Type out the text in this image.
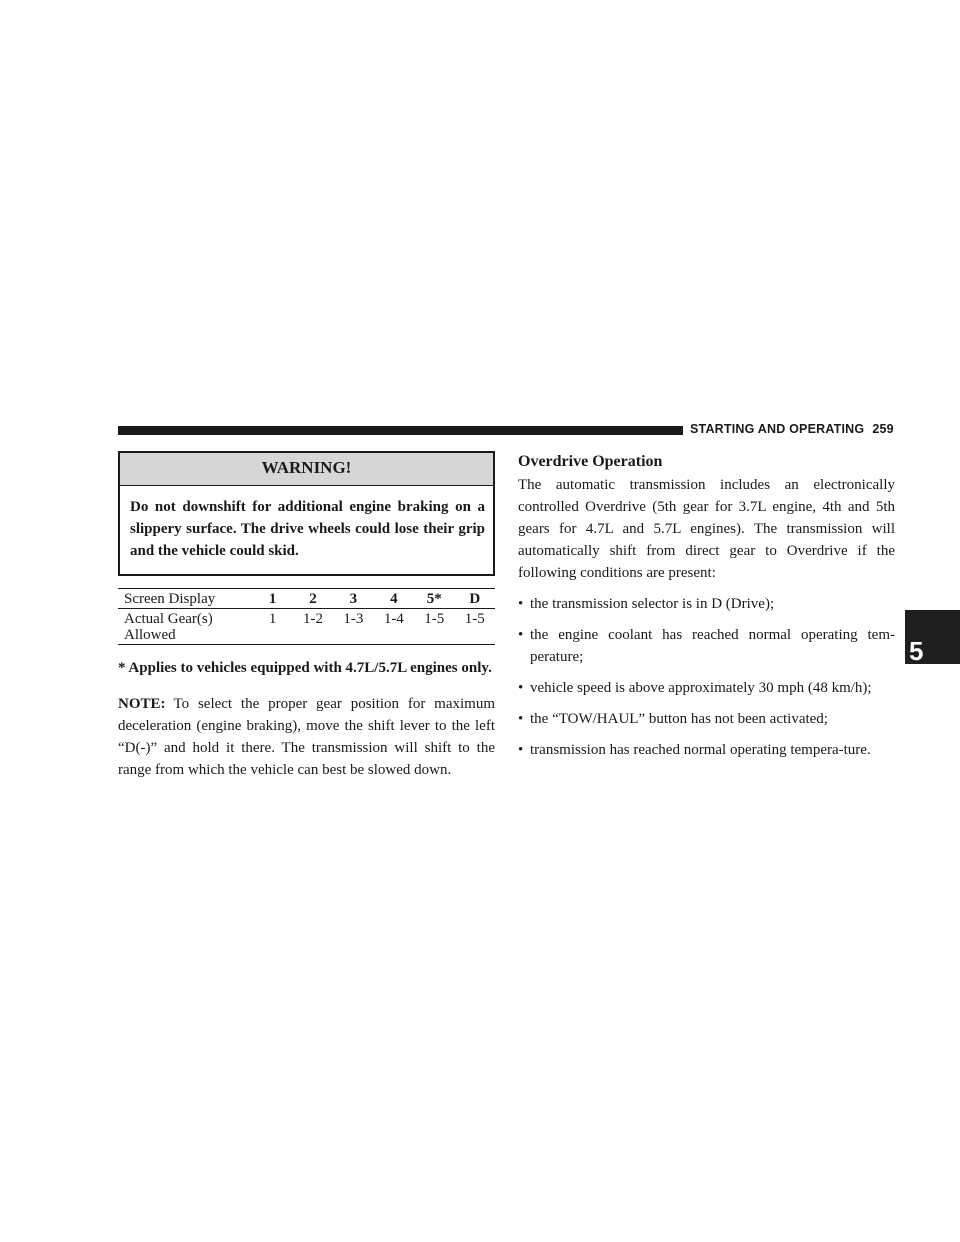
STARTING AND OPERATING 259
5
WARNING!
Do not downshift for additional engine braking on a slippery surface. The drive wheels could lose their grip and the vehicle could skid.
Screen Display	1	2	3	4	5*	D

Actual Gear(s)
Allowed	1	1-2	1-3	1-4	1-5	1-5
* Applies to vehicles equipped with 4.7L/5.7L engines only.
NOTE: To select the proper gear position for maximum deceleration (engine braking), move the shift lever to the left “D(-)” and hold it there. The transmission will shift to the range from which the vehicle can best be slowed down.
Overdrive Operation
The automatic transmission includes an electronically controlled Overdrive (5th gear for 3.7L engine, 4th and 5th gears for 4.7L and 5.7L engines). The transmission will automatically shift from direct gear to Overdrive if the following conditions are present:
• the transmission selector is in D (Drive);
• the engine coolant has reached normal operating tem-perature;
• vehicle speed is above approximately 30 mph (48 km/h);
• the “TOW/HAUL” button has not been activated;
• transmission has reached normal operating tempera-ture.
